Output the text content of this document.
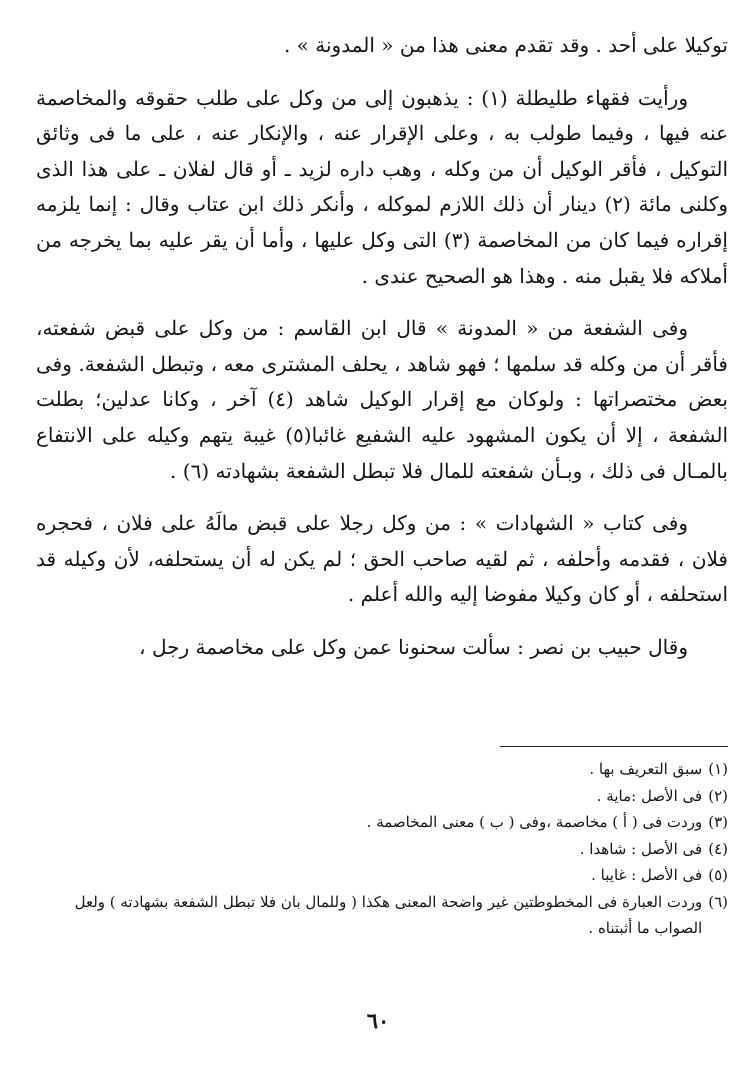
توكيلا على أحد . وقد تقدم معنى هذا من « المدونة » .

ورأيت فقهاء طليطلة (١) : يذهبون إلى من وكل على طلب حقوقه والمخاصمة عنه فيها ، وفيما طولب به ، وعلى الإقرار عنه ، والإنكار عنه ، على ما فى وثائق التوكيل ، فأقر الوكيل أن من وكله ، وهب داره لزيد ـ أو قال لفلان ـ على هذا الذى وكلنى مائة (٢) دينار أن ذلك اللازم لموكله ، وأنكر ذلك ابن عتاب وقال : إنما يلزمه إقراره فيما كان من المخاصمة (٣) التى وكل عليها ، وأما أن يقر عليه بما يخرجه من أملاكه فلا يقبل منه . وهذا هو الصحيح عندى .

وفى الشفعة من « المدونة » قال ابن القاسم : من وكل على قبض شفعته، فأقر أن من وكله قد سلمها ؛ فهو شاهد ، يحلف المشترى معه ، وتبطل الشفعة. وفى بعض مختصراتها : ولوكان مع إقرار الوكيل شاهد (٤) آخر ، وكانا عدلين؛ بطلت الشفعة ، إلا أن يكون المشهود عليه الشفيع غائبا(٥) غيبة يتهم وكيله على الانتفاع بالمـال فى ذلك ، وبـأن شفعته للمال فلا تبطل الشفعة بشهادته (٦) .

وفى كتاب « الشهادات » : من وكل رجلا على قبض مالَهُ على فلان ، فحجره فلان ، فقدمه وأحلفه ، ثم لقيه صاحب الحق ؛ لم يكن له أن يستحلفه، لأن وكيله قد استحلفه ، أو كان وكيلا مفوضا إليه والله أعلم .

وقال حبيب بن نصر : سألت سحنونا عمن وكل على مخاصمة رجل ،

(١)
سبق التعريف بها .
(٢)
فى الأصل :ماية .
(٣)
وردت فى ( أ ) مخاصمة ،وفى ( ب ) معنى المخاصمة .
(٤)
فى الأصل : شاهدا .
(٥)
فى الأصل : غايبا .
(٦)
وردت العبارة فى المخطوطتين غير واضحة المعنى هكذا ( وللمال بان فلا تبطل الشفعة بشهادته ) ولعل الصواب ما أثبتناه .
٦٠
